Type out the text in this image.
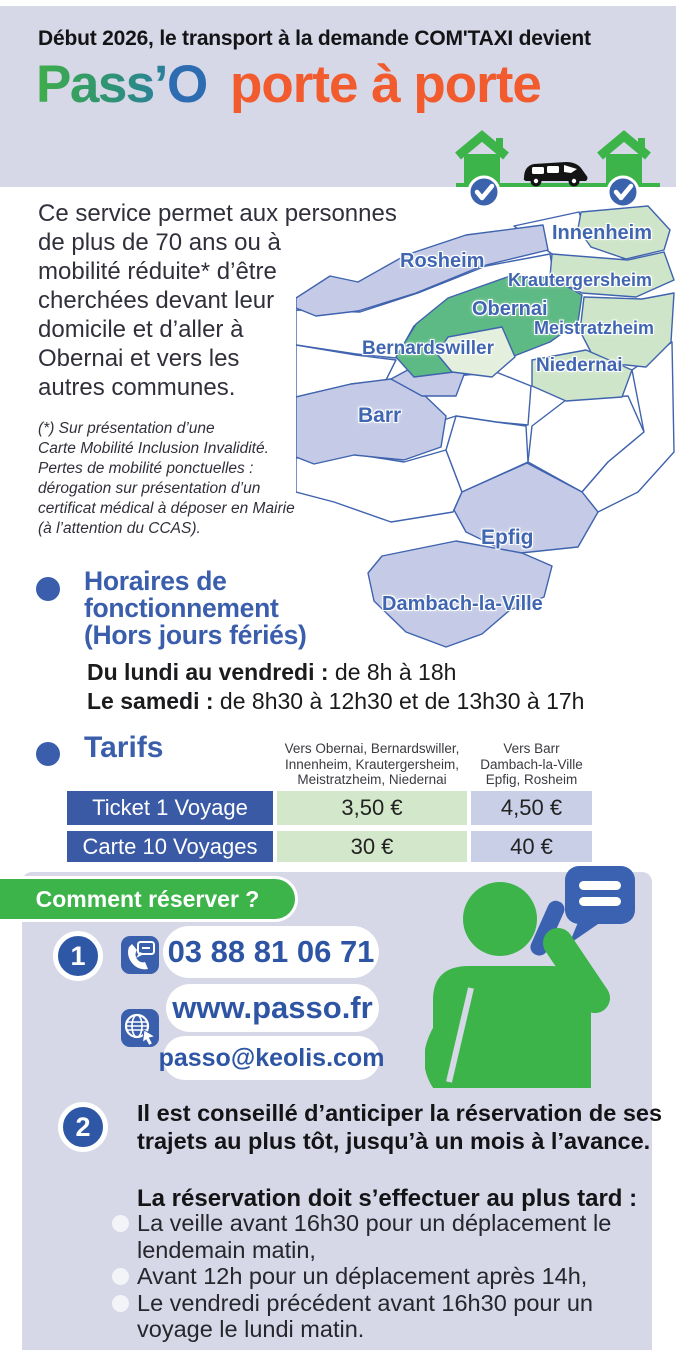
Début 2026, le transport à la demande COM'TAXI devient
Pass’O porte à porte
Ce service permet aux personnes
de plus de 70 ans ou à
mobilité réduite* d’être
cherchées devant leur
domicile et d’aller à
Obernai et vers les
autres communes.
(*) Sur présentation d’une
Carte Mobilité Inclusion Invalidité.
Pertes de mobilité ponctuelles :
dérogation sur présentation d’un
certificat médical à déposer en Mairie
(à l’attention du CCAS).
Rosheim
Innenheim
Krautergersheim
Obernai
Meistratzheim
Bernardswiller
Niedernai
Barr
Epfig
Dambach-la-Ville
Horaires de
fonctionnement
(Hors jours fériés)
Du lundi au vendredi : de 8h à 18h
Le samedi : de 8h30 à 12h30 et de 13h30 à 17h
Tarifs	Vers Obernai, Bernardswiller,
Innenheim, Krautergersheim,
Meistratzheim, Niedernai
Vers Barr
Dambach-la-Ville
Epfig, Rosheim
Ticket 1 Voyage	3,50 €	4,50 €
Carte 10 Voyages	30 €	40 €
Comment réserver ?
1	03 88 81 06 71
www.passo.fr
passo@keolis.com
2	Il est conseillé d’anticiper la réservation de ses
trajets au plus tôt, jusqu’à un mois à l’avance.
La réservation doit s’effectuer au plus tard :
La veille avant 16h30 pour un déplacement le
lendemain matin,
Avant 12h pour un déplacement après 14h,
Le vendredi précédent avant 16h30 pour un
voyage le lundi matin.
